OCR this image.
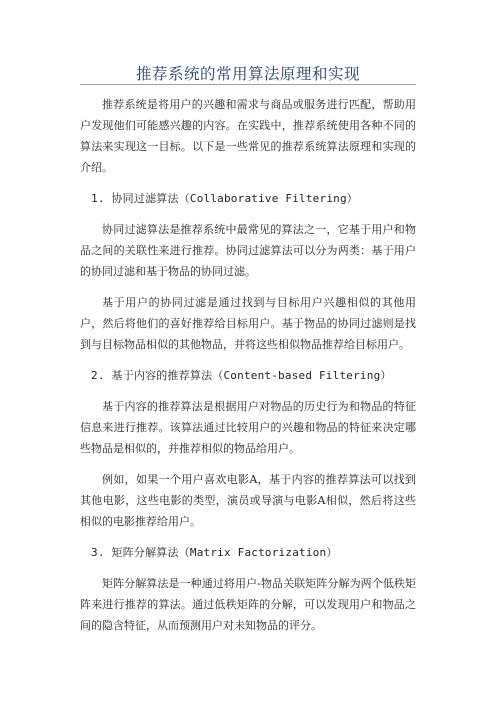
推荐系统的常用算法原理和实现

推荐系统是将用户的兴趣和需求与商品或服务进行匹配，帮助用户发现他们可能感兴趣的内容。在实践中，推荐系统使用各种不同的算法来实现这一目标。以下是一些常见的推荐系统算法原理和实现的介绍。

1. 协同过滤算法（Collaborative Filtering）

协同过滤算法是推荐系统中最常见的算法之一，它基于用户和物品之间的关联性来进行推荐。协同过滤算法可以分为两类：基于用户的协同过滤和基于物品的协同过滤。

基于用户的协同过滤是通过找到与目标用户兴趣相似的其他用户，然后将他们的喜好推荐给目标用户。基于物品的协同过滤则是找到与目标物品相似的其他物品，并将这些相似物品推荐给目标用户。

2. 基于内容的推荐算法（Content-based Filtering）

基于内容的推荐算法是根据用户对物品的历史行为和物品的特征信息来进行推荐。该算法通过比较用户的兴趣和物品的特征来决定哪些物品是相似的，并推荐相似的物品给用户。

例如，如果一个用户喜欢电影A，基于内容的推荐算法可以找到其他电影，这些电影的类型，演员或导演与电影A相似，然后将这些相似的电影推荐给用户。

3. 矩阵分解算法（Matrix Factorization）

矩阵分解算法是一种通过将用户-物品关联矩阵分解为两个低秩矩阵来进行推荐的算法。通过低秩矩阵的分解，可以发现用户和物品之间的隐含特征，从而预测用户对未知物品的评分。
